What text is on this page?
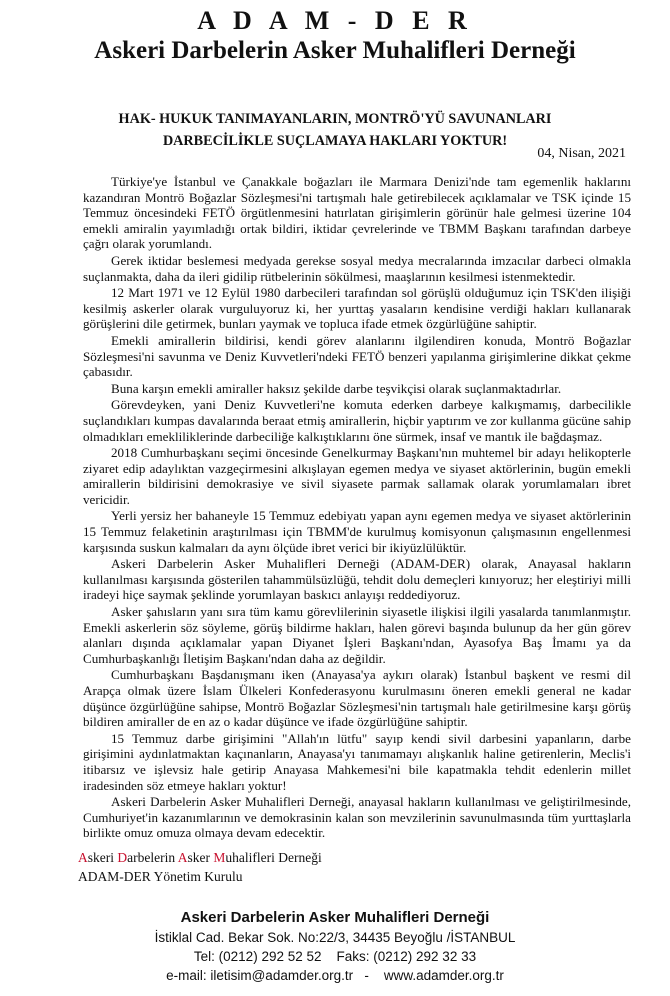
A D A M - D E R
Askeri Darbelerin Asker Muhalifleri Derneği
HAK- HUKUK TANIMAYANLARIN, MONTRÖ'YÜ SAVUNANLARI
DARBECİLİKLE SUÇLAMAYA HAKLARI YOKTUR!
04, Nisan, 2021

Türkiye'ye İstanbul ve Çanakkale boğazları ile Marmara Denizi'nde tam egemenlik haklarını kazandıran Montrö Boğazlar Sözleşmesi'ni tartışmalı hale getirebilecek açıklamalar ve TSK içinde 15 Temmuz öncesindeki FETÖ örgütlenmesini hatırlatan girişimlerin görünür hale gelmesi üzerine 104 emekli amiralin yayımladığı ortak bildiri, iktidar çevrelerinde ve TBMM Başkanı tarafından darbeye çağrı olarak yorumlandı.

Gerek iktidar beslemesi medyada gerekse sosyal medya mecralarında imzacılar darbeci olmakla suçlanmakta, daha da ileri gidilip rütbelerinin sökülmesi, maaşlarının kesilmesi istenmektedir.

12 Mart 1971 ve 12 Eylül 1980 darbecileri tarafından sol görüşlü olduğumuz için TSK'den ilişiği kesilmiş askerler olarak vurguluyoruz ki, her yurttaş yasaların kendisine verdiği hakları kullanarak görüşlerini dile getirmek, bunları yaymak ve topluca ifade etmek özgürlüğüne sahiptir.

Emekli amirallerin bildirisi, kendi görev alanlarını ilgilendiren konuda, Montrö Boğazlar Sözleşmesi'ni savunma ve Deniz Kuvvetleri'ndeki FETÖ benzeri yapılanma girişimlerine dikkat çekme çabasıdır.

Buna karşın emekli amiraller haksız şekilde darbe teşvikçisi olarak suçlanmaktadırlar.

Görevdeyken, yani Deniz Kuvvetleri'ne komuta ederken darbeye kalkışmamış, darbecilikle suçlandıkları kumpas davalarında beraat etmiş amirallerin, hiçbir yaptırım ve zor kullanma gücüne sahip olmadıkları emekliliklerinde darbeciliğe kalkıştıklarını öne sürmek, insaf ve mantık ile bağdaşmaz.

2018 Cumhurbaşkanı seçimi öncesinde Genelkurmay Başkanı'nın muhtemel bir adayı helikopterle ziyaret edip adaylıktan vazgeçirmesini alkışlayan egemen medya ve siyaset aktörlerinin, bugün emekli amirallerin bildirisini demokrasiye ve sivil siyasete parmak sallamak olarak yorumlamaları ibret vericidir.

Yerli yersiz her bahaneyle 15 Temmuz edebiyatı yapan aynı egemen medya ve siyaset aktörlerinin 15 Temmuz felaketinin araştırılması için TBMM'de kurulmuş komisyonun çalışmasının engellenmesi karşısında suskun kalmaları da aynı ölçüde ibret verici bir ikiyüzlülüktür.

Askeri Darbelerin Asker Muhalifleri Derneği (ADAM-DER) olarak, Anayasal hakların kullanılması karşısında gösterilen tahammülsüzlüğü, tehdit dolu demeçleri kınıyoruz; her eleştiriyi milli iradeyi hiçe saymak şeklinde yorumlayan baskıcı anlayışı reddediyoruz.

Asker şahısların yanı sıra tüm kamu görevlilerinin siyasetle ilişkisi ilgili yasalarda tanımlanmıştır. Emekli askerlerin söz söyleme, görüş bildirme hakları, halen görevi başında bulunup da her gün görev alanları dışında açıklamalar yapan Diyanet İşleri Başkanı'ndan, Ayasofya Baş İmamı ya da Cumhurbaşkanlığı İletişim Başkanı'ndan daha az değildir.

Cumhurbaşkanı Başdanışmanı iken (Anayasa'ya aykırı olarak) İstanbul başkent ve resmi dil Arapça olmak üzere İslam Ülkeleri Konfederasyonu kurulmasını öneren emekli general ne kadar düşünce özgürlüğüne sahipse, Montrö Boğazlar Sözleşmesi'nin tartışmalı hale getirilmesine karşı görüş bildiren amiraller de en az o kadar düşünce ve ifade özgürlüğüne sahiptir.

15 Temmuz darbe girişimini "Allah'ın lütfu" sayıp kendi sivil darbesini yapanların, darbe girişimini aydınlatmaktan kaçınanların, Anayasa'yı tanımamayı alışkanlık haline getirenlerin, Meclis'i itibarsız ve işlevsiz hale getirip Anayasa Mahkemesi'ni bile kapatmakla tehdit edenlerin millet iradesinden söz etmeye hakları yoktur!

Askeri Darbelerin Asker Muhalifleri Derneği, anayasal hakların kullanılması ve geliştirilmesinde, Cumhuriyet'in kazanımlarının ve demokrasinin kalan son mevzilerinin savunulmasında tüm yurttaşlarla birlikte omuz omuza olmaya devam edecektir.

Askeri Darbelerin Asker Muhalifleri Derneği
ADAM-DER Yönetim Kurulu
Askeri Darbelerin Asker Muhalifleri Derneği
İstiklal Cad. Bekar Sok. No:22/3, 34435 Beyoğlu /İSTANBUL
Tel: (0212) 292 52 52    Faks: (0212) 292 32 33
e-mail: iletisim@adamder.org.tr   -    www.adamder.org.tr
